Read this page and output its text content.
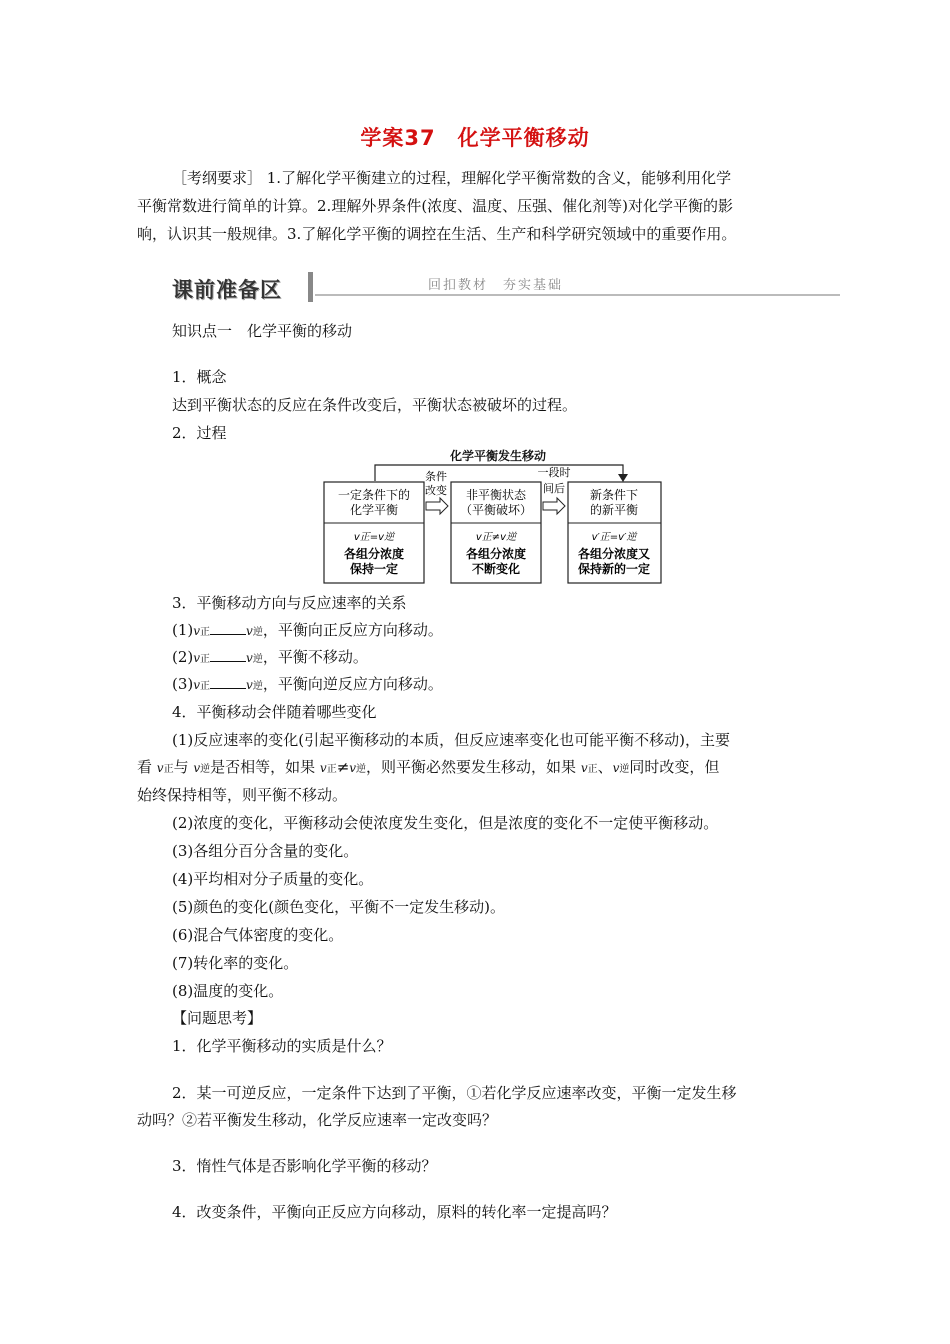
学案37　化学平衡移动
［考纲要求］ 1.了解化学平衡建立的过程，理解化学平衡常数的含义，能够利用化学
平衡常数进行简单的计算。2.理解外界条件(浓度、温度、压强、催化剂等)对化学平衡的影
响，认识其一般规律。3.了解化学平衡的调控在生活、生产和科学研究领域中的重要作用。
课前准备区	回扣教材　夯实基础
知识点一　化学平衡的移动
1．概念
达到平衡状态的反应在条件改变后，平衡状态被破坏的过程。
2．过程
化学平衡发生移动
一定条件下的
化学平衡
v正=v逆
各组分浓度
保持一定
条件
改变 非平衡状态
（平衡破坏）
v正≠v逆
各组分浓度
不断变化
一段时
间后 新条件下
的新平衡
v′正=v′逆
各组分浓度又
保持新的一定
3．平衡移动方向与反应速率的关系
(1)v正	v逆，平衡向正反应方向移动。
(2)v正	v逆，平衡不移动。
(3)v正	v逆，平衡向逆反应方向移动。
4．平衡移动会伴随着哪些变化
(1)反应速率的变化(引起平衡移动的本质，但反应速率变化也可能平衡不移动)，主要
看 v正与 v逆是否相等，如果 v正≠v逆，则平衡必然要发生移动，如果 v正、v逆同时改变，但
始终保持相等，则平衡不移动。
(2)浓度的变化，平衡移动会使浓度发生变化，但是浓度的变化不一定使平衡移动。
(3)各组分百分含量的变化。
(4)平均相对分子质量的变化。
(5)颜色的变化(颜色变化，平衡不一定发生移动)。
(6)混合气体密度的变化。
(7)转化率的变化。
(8)温度的变化。
【问题思考】
1．化学平衡移动的实质是什么？
2．某一可逆反应，一定条件下达到了平衡，①若化学反应速率改变，平衡一定发生移
动吗？②若平衡发生移动，化学反应速率一定改变吗？
3．惰性气体是否影响化学平衡的移动？
4．改变条件，平衡向正反应方向移动，原料的转化率一定提高吗？
